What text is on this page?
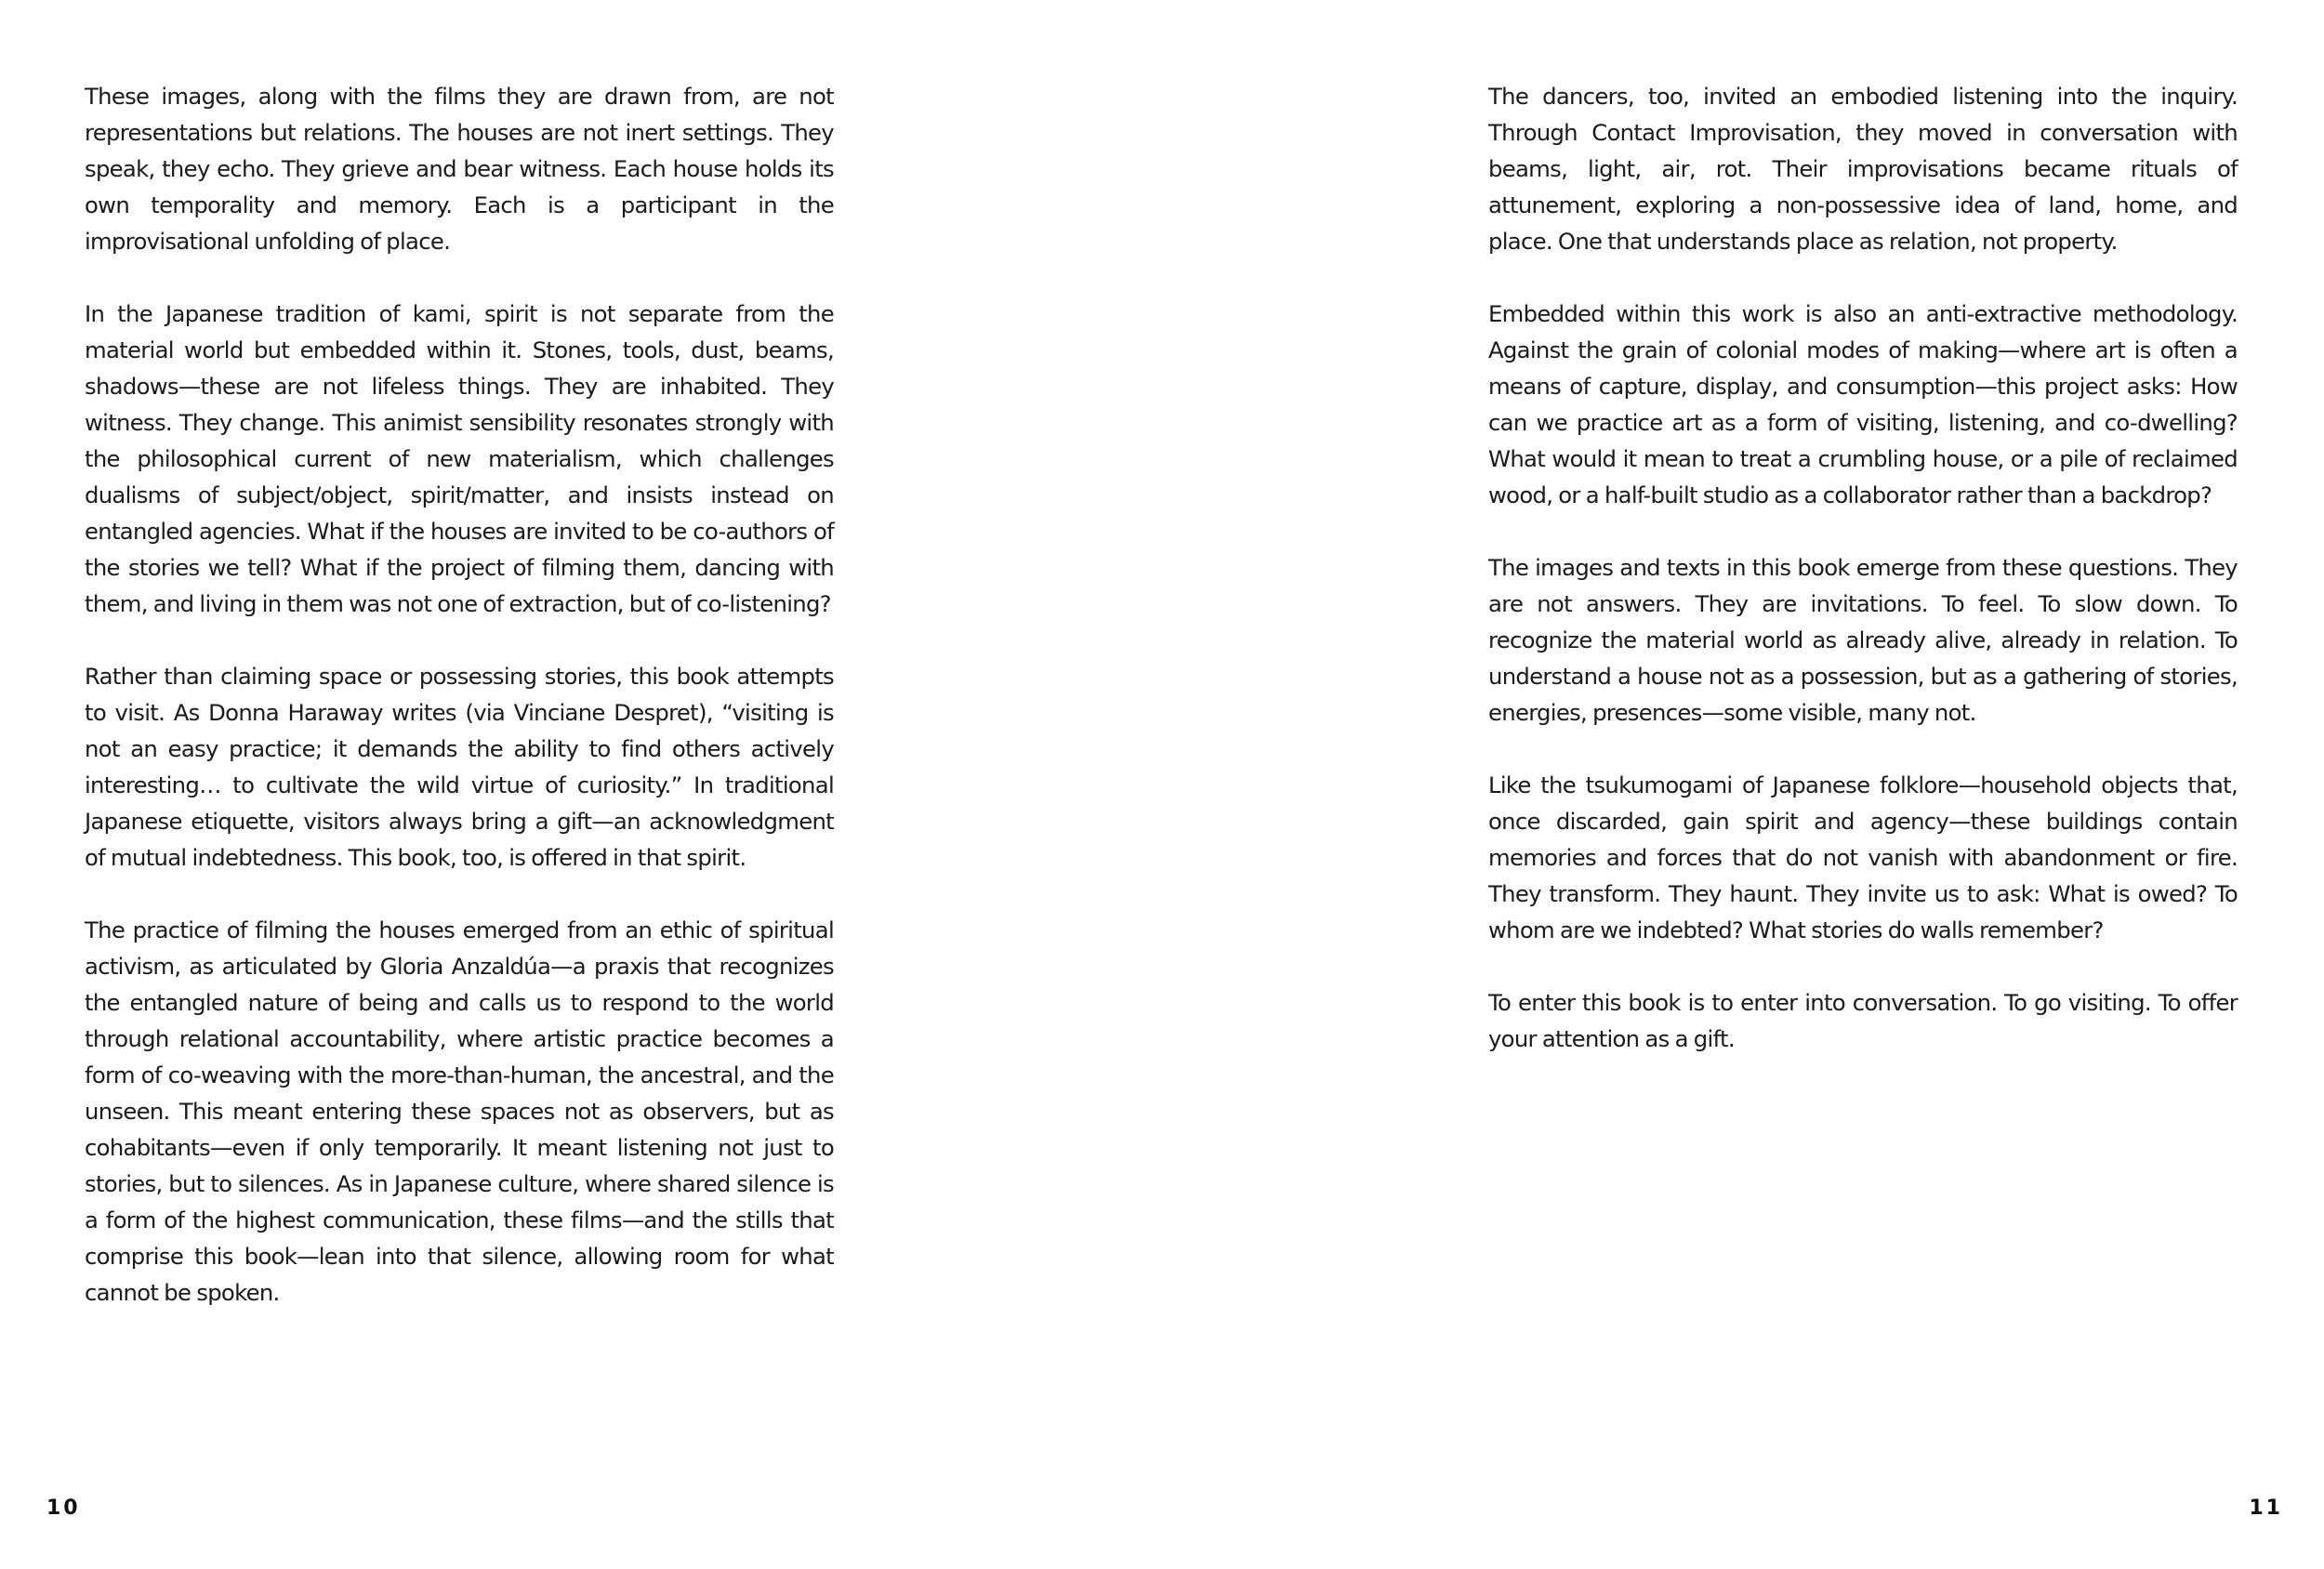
These images, along with the films they are drawn from, are not representations but relations. The houses are not inert settings. They speak, they echo. They grieve and bear witness. Each house holds its own temporality and memory. Each is a participant in the improvisational unfolding of place.

In the Japanese tradition of kami, spirit is not separate from the material world but embedded within it. Stones, tools, dust, beams, shadows—these are not lifeless things. They are inhabited. They witness. They change. This animist sensibility resonates strongly with the philosophical current of new materialism, which challenges dualisms of subject/object, spirit/matter, and insists instead on entangled agencies. What if the houses are invited to be co-authors of the stories we tell? What if the project of filming them, dancing with them, and living in them was not one of extraction, but of co-listening?

Rather than claiming space or possessing stories, this book attempts to visit. As Donna Haraway writes (via Vinciane Despret), “visiting is not an easy practice; it demands the ability to find others actively interesting… to cultivate the wild virtue of curiosity.” In traditional Japanese etiquette, visitors always bring a gift—an acknowledgment of mutual indebtedness. This book, too, is offered in that spirit.

The practice of filming the houses emerged from an ethic of spiritual activism, as articulated by Gloria Anzaldúa—a praxis that recognizes the entangled nature of being and calls us to respond to the world through relational accountability, where artistic practice becomes a form of co-weaving with the more-than-human, the ancestral, and the unseen. This meant entering these spaces not as observers, but as cohabitants—even if only temporarily. It meant listening not just to stories, but to silences. As in Japanese culture, where shared silence is a form of the highest communication, these films—and the stills that comprise this book—lean into that silence, allowing room for what cannot be spoken.

10

The dancers, too, invited an embodied listening into the inquiry. Through Contact Improvisation, they moved in conversation with beams, light, air, rot. Their improvisations became rituals of attunement, exploring a non-possessive idea of land, home, and place. One that understands place as relation, not property.

Embedded within this work is also an anti-extractive methodology. Against the grain of colonial modes of making—where art is often a means of capture, display, and consumption—this project asks: How can we practice art as a form of visiting, listening, and co-dwelling? What would it mean to treat a crumbling house, or a pile of reclaimed wood, or a half-built studio as a collaborator rather than a backdrop?

The images and texts in this book emerge from these questions. They are not answers. They are invitations. To feel. To slow down. To recognize the material world as already alive, already in relation. To understand a house not as a possession, but as a gathering of stories, energies, presences—some visible, many not.

Like the tsukumogami of Japanese folklore—household objects that, once discarded, gain spirit and agency—these buildings contain memories and forces that do not vanish with abandonment or fire. They transform. They haunt. They invite us to ask: What is owed? To whom are we indebted? What stories do walls remember?

To enter this book is to enter into conversation. To go visiting. To offer your attention as a gift.

11
